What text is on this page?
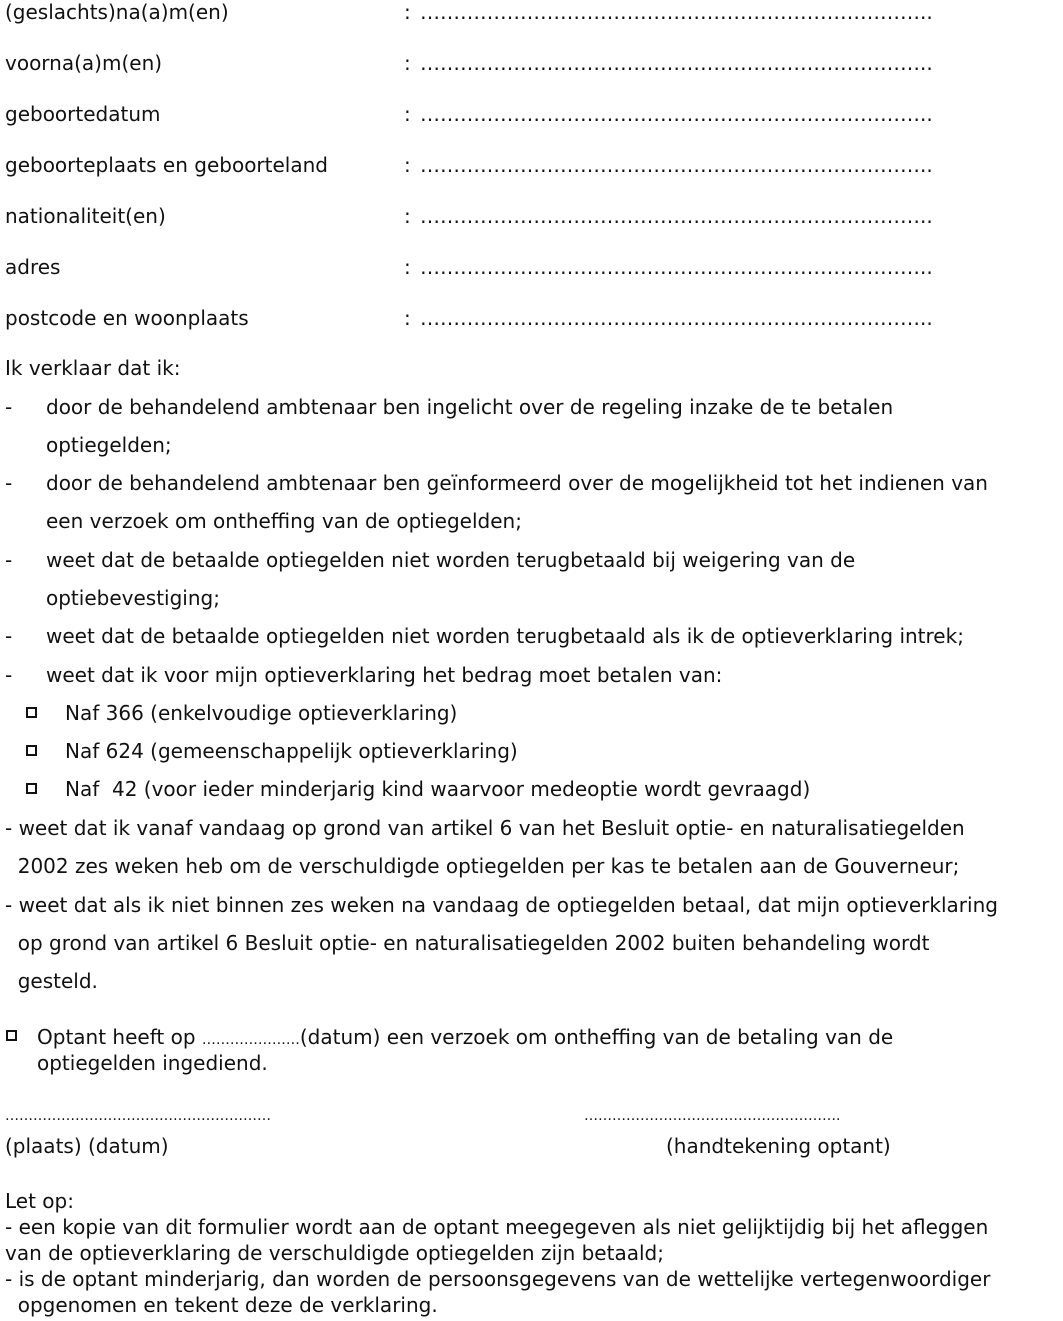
(geslachts)na(a)m(en)	: …………………………………………………………………..
voorna(a)m(en)	: …………………………………………………………………..
geboortedatum	: …………………………………………………………………..
geboorteplaats en geboorteland	: …………………………………………………………………..
nationaliteit(en)	: …………………………………………………………………..
adres	: …………………………………………………………………..
postcode en woonplaats	: …………………………………………………………………..
Ik verklaar dat ik:
- door de behandelend ambtenaar ben ingelicht over de regeling inzake de te betalen
optiegelden;
- door de behandelend ambtenaar ben geïnformeerd over de mogelijkheid tot het indienen van
een verzoek om ontheffing van de optiegelden;
- weet dat de betaalde optiegelden niet worden terugbetaald bij weigering van de
optiebevestiging;
- weet dat de betaalde optiegelden niet worden terugbetaald als ik de optieverklaring intrek;
- weet dat ik voor mijn optieverklaring het bedrag moet betalen van:
Naf 366 (enkelvoudige optieverklaring)
Naf 624 (gemeenschappelijk optieverklaring)
Naf  42 (voor ieder minderjarig kind waarvoor medeoptie wordt gevraagd)
- weet dat ik vanaf vandaag op grond van artikel 6 van het Besluit optie- en naturalisatiegelden
2002 zes weken heb om de verschuldigde optiegelden per kas te betalen aan de Gouverneur;
- weet dat als ik niet binnen zes weken na vandaag de optiegelden betaal, dat mijn optieverklaring
op grond van artikel 6 Besluit optie- en naturalisatiegelden 2002 buiten behandeling wordt
gesteld.
Optant heeft op …………………(datum) een verzoek om ontheffing van de betaling van de
optiegelden ingediend.
…………………………………………………
(plaats) (datum)
……………………………………………….
(handtekening optant)
Let op:
- een kopie van dit formulier wordt aan de optant meegegeven als niet gelijktijdig bij het afleggen
van de optieverklaring de verschuldigde optiegelden zijn betaald;
- is de optant minderjarig, dan worden de persoonsgegevens van de wettelijke vertegenwoordiger
opgenomen en tekent deze de verklaring.
